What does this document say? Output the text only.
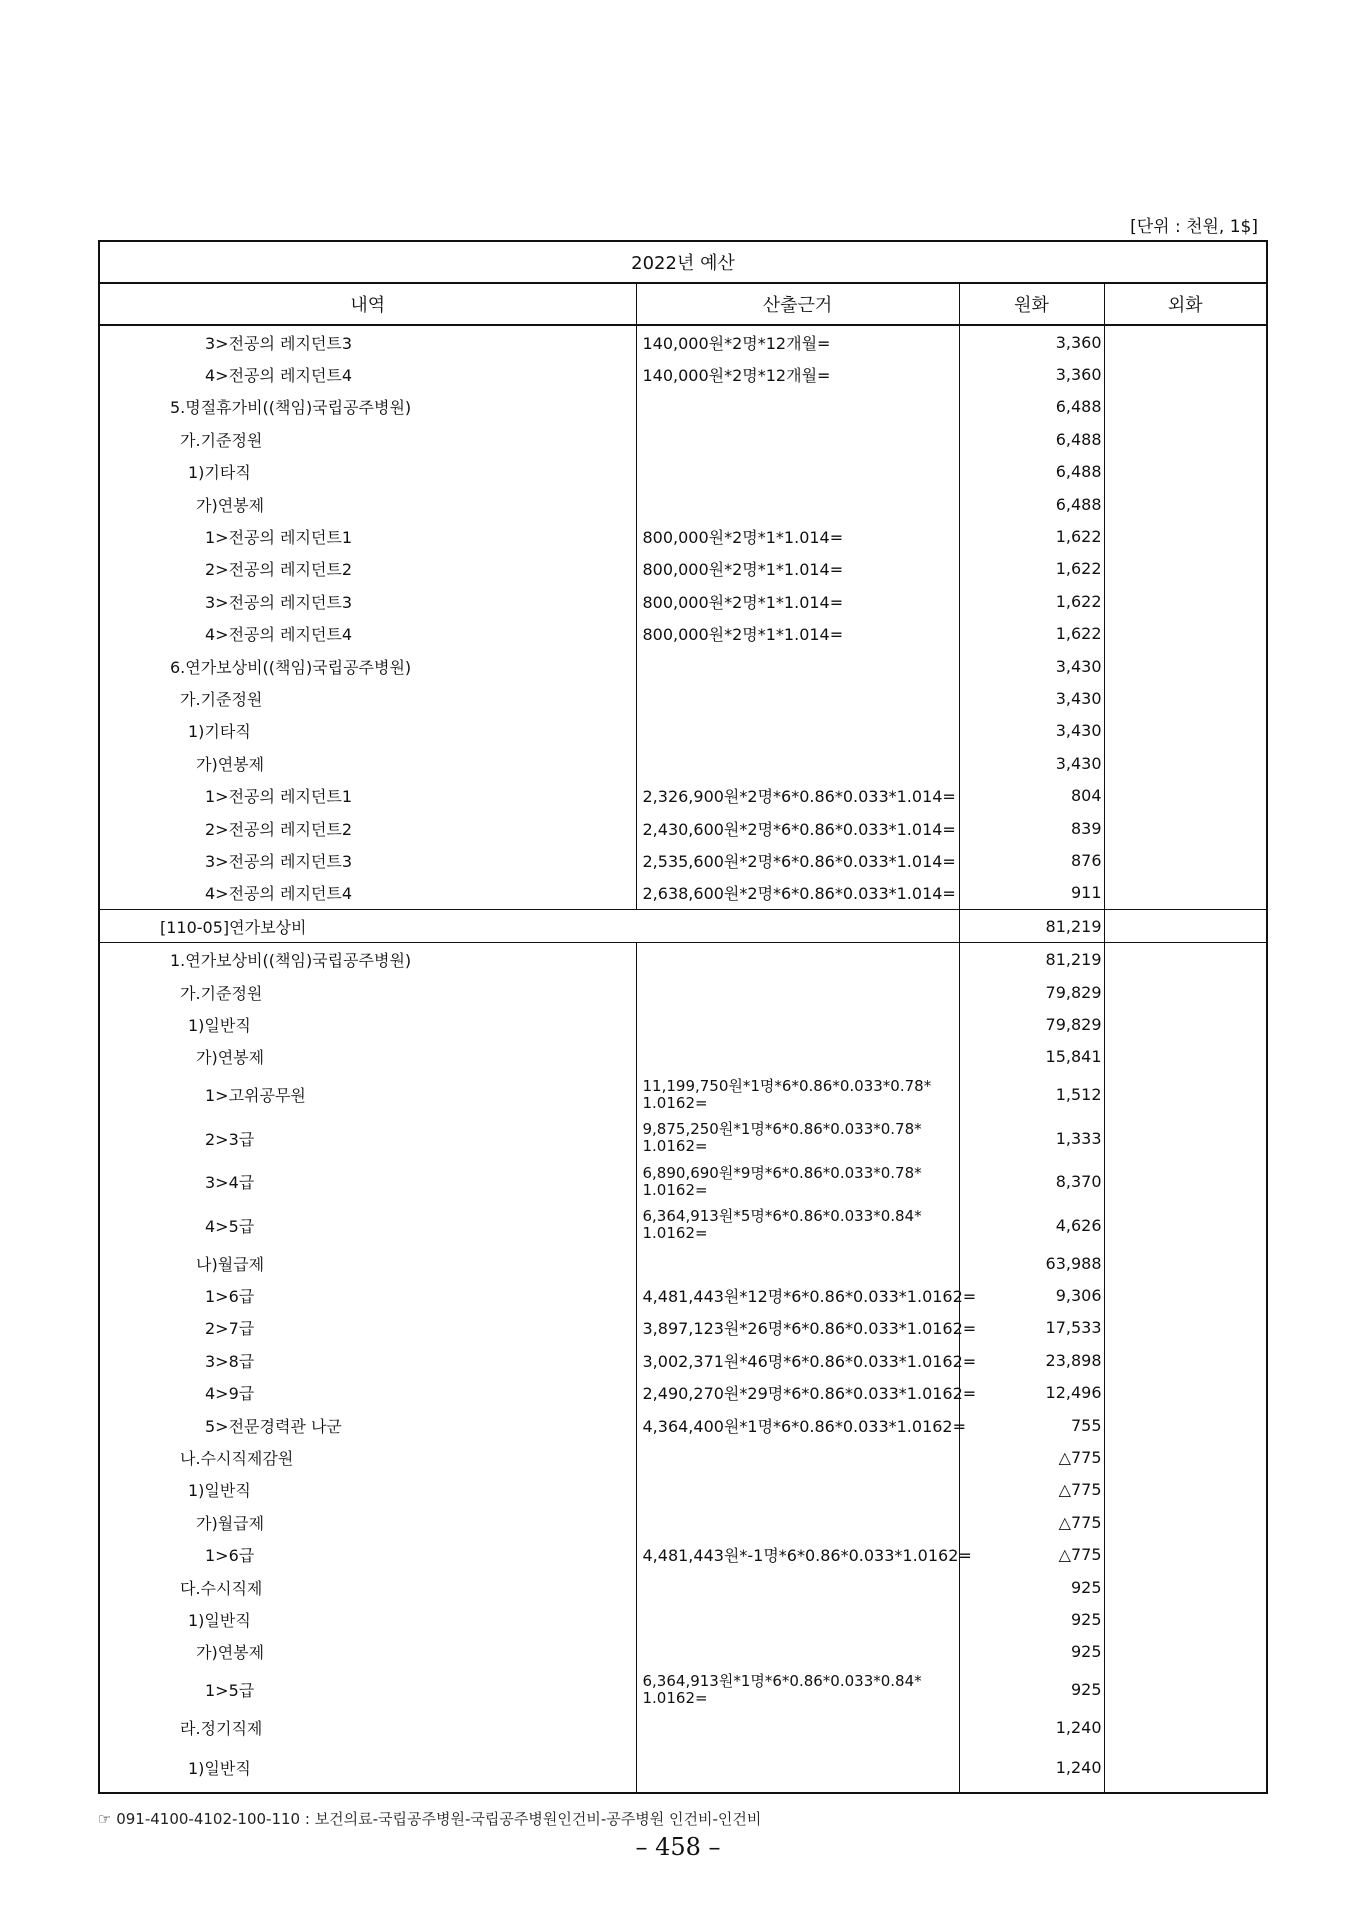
[단위 : 천원, 1$]
2022년 예산			
내역	산출근거	원화	외화
3>전공의 레지던트3	140,000원*2명*12개월=	3,360	
4>전공의 레지던트4	140,000원*2명*12개월=	3,360	
5.명절휴가비((책임)국립공주병원)		6,488	
가.기준정원		6,488	
1)기타직		6,488	
가)연봉제		6,488	
1>전공의 레지던트1	800,000원*2명*1*1.014=	1,622	
2>전공의 레지던트2	800,000원*2명*1*1.014=	1,622	
3>전공의 레지던트3	800,000원*2명*1*1.014=	1,622	
4>전공의 레지던트4	800,000원*2명*1*1.014=	1,622	
6.연가보상비((책임)국립공주병원)		3,430	
가.기준정원		3,430	
1)기타직		3,430	
가)연봉제		3,430	
1>전공의 레지던트1	2,326,900원*2명*6*0.86*0.033*1.014=	804	
2>전공의 레지던트2	2,430,600원*2명*6*0.86*0.033*1.014=	839	
3>전공의 레지던트3	2,535,600원*2명*6*0.86*0.033*1.014=	876	
4>전공의 레지던트4	2,638,600원*2명*6*0.86*0.033*1.014=	911	
[110-05]연가보상비		81,219	
1.연가보상비((책임)국립공주병원)		81,219	
가.기준정원		79,829	
1)일반직		79,829	
가)연봉제		15,841	
1>고위공무원	11,199,750원*1명*6*0.86*0.033*0.78* 1.0162=	1,512	
2>3급	9,875,250원*1명*6*0.86*0.033*0.78* 1.0162=	1,333	
3>4급	6,890,690원*9명*6*0.86*0.033*0.78* 1.0162=	8,370	
4>5급	6,364,913원*5명*6*0.86*0.033*0.84* 1.0162=	4,626	
나)월급제		63,988	
1>6급	4,481,443원*12명*6*0.86*0.033*1.0162=	9,306	
2>7급	3,897,123원*26명*6*0.86*0.033*1.0162=	17,533	
3>8급	3,002,371원*46명*6*0.86*0.033*1.0162=	23,898	
4>9급	2,490,270원*29명*6*0.86*0.033*1.0162=	12,496	
5>전문경력관 나군	4,364,400원*1명*6*0.86*0.033*1.0162=	755	
나.수시직제감원		△775	
1)일반직		△775	
가)월급제		△775	
1>6급	4,481,443원*-1명*6*0.86*0.033*1.0162=	△775	
다.수시직제		925	
1)일반직		925	
가)연봉제		925	
1>5급	6,364,913원*1명*6*0.86*0.033*0.84* 1.0162=	925	
라.정기직제		1,240	
1)일반직		1,240	
☞ 091-4100-4102-100-110 : 보건의료-국립공주병원-국립공주병원인건비-공주병원 인건비-인건비
– 458 –
